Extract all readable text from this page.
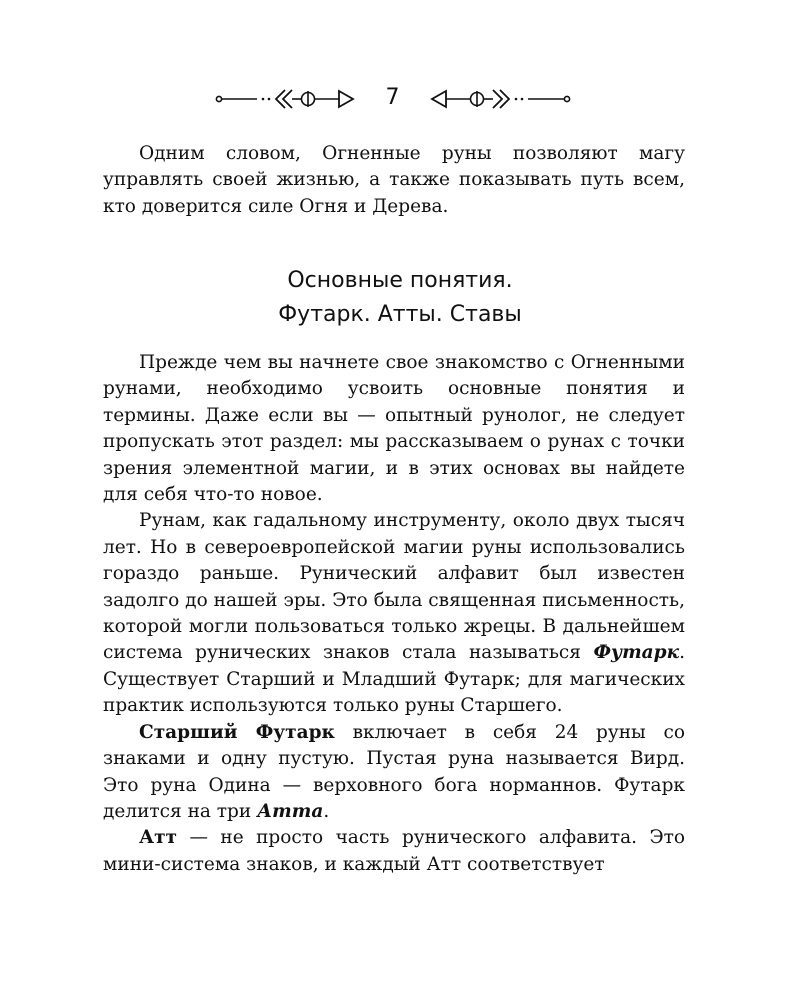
7

Одним словом, Огненные руны позволяют магу управлять своей жизнью, а также показывать путь всем, кто доверится силе Огня и Дерева.

Основные понятия.
Футарк. Атты. Ставы

Прежде чем вы начнете свое знакомство с Огненными рунами, необходимо усвоить основные понятия и термины. Даже если вы — опытный рунолог, не следует пропускать этот раздел: мы рассказываем о рунах с точки зрения элементной магии, и в этих основах вы найдете для себя что-то новое.

Рунам, как гадальному инструменту, около двух тысяч лет. Но в североевропейской магии руны использовались гораздо раньше. Рунический алфавит был известен задолго до нашей эры. Это была священная письменность, которой могли пользоваться только жрецы. В дальнейшем система рунических знаков стала называться Футарк. Существует Старший и Младший Футарк; для магических практик используются только руны Старшего.

Старший Футарк включает в себя 24 руны со знаками и одну пустую. Пустая руна называется Вирд. Это руна Одина — верховного бога норманнов. Футарк делится на три Атта.

Атт — не просто часть рунического алфавита. Это мини-система знаков, и каждый Атт соответствует
